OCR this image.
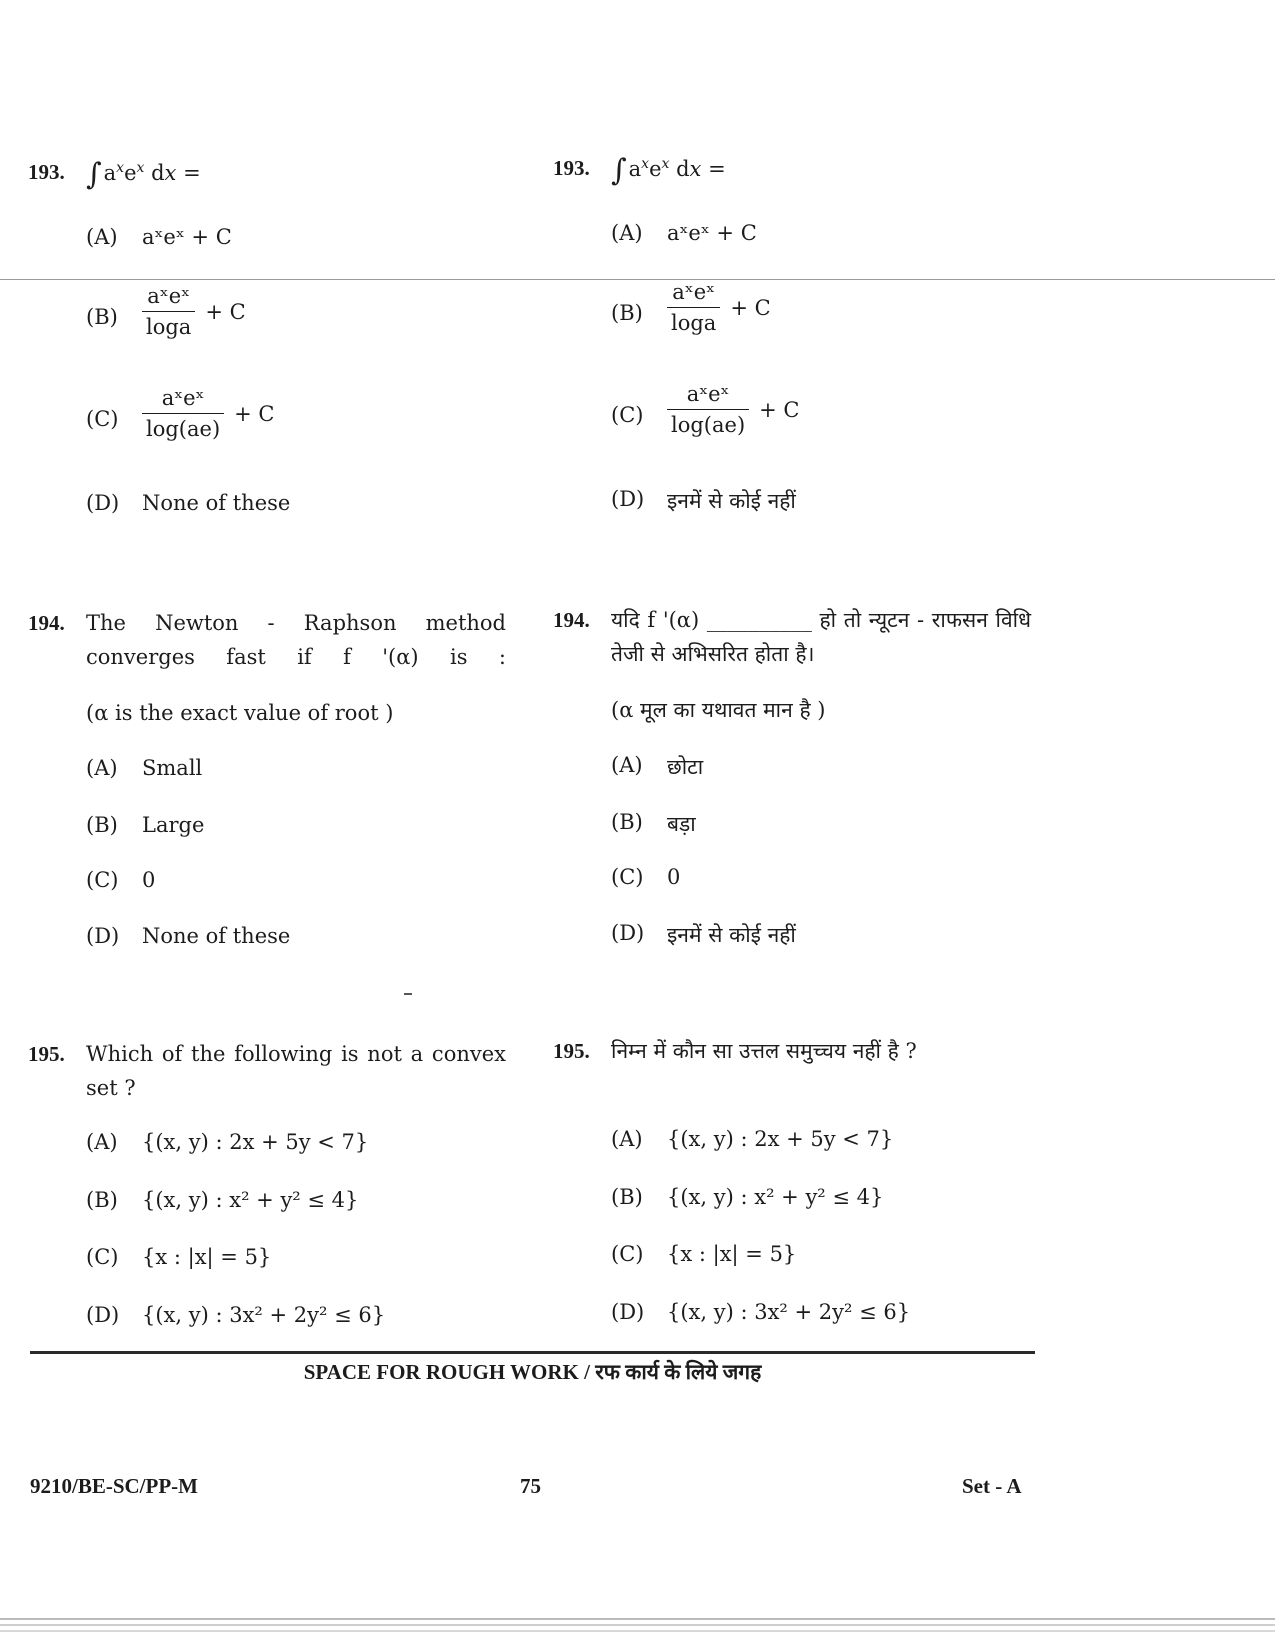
193. $\int a^xe^x$ dx =
(A) aˣeˣ + C
$(B) \frac{\text{aˣeˣ}}{\log a} + C$
$(C) \frac{\text{aˣeˣ}}{\log(ae)} + C$
(D) None of these
193. $\int a^xe^x$ dx =
(A) aˣeˣ + C
$(B) \frac{\text{aˣeˣ}}{\log a} + C$
$(C) \frac{\text{aˣeˣ}}{\log(ae)} + C$
(D) इनमें से कोई नहीं
194. The Newton - Raphson method converges fast if f '(α) is :
(α is the exact value of root )
(A) Small
(B) Large
(C) 0
(D) None of these
194. यदि f '(α) __________ हो तो न्यूटन - राफसन विधि तेजी से अभिसरित होता है।
(α मूल का यथावत मान है )
(A) छोटा
(B) बड़ा
(C) 0
(D) इनमें से कोई नहीं
195. Which of the following is not a convex set ?
(A) {(x, y) : 2x + 5y < 7}
(B) {(x, y) : x² + y² ≤ 4}
(C) {x : |x| = 5}
(D) {(x, y) : 3x² + 2y² ≤ 6}
195. निम्न में कौन सा उत्तल समुच्चय नहीं है ?
(A) {(x, y) : 2x + 5y < 7}
(B) {(x, y) : x² + y² ≤ 4}
(C) {x : |x| = 5}
(D) {(x, y) : 3x² + 2y² ≤ 6}
SPACE FOR ROUGH WORK / रफ कार्य के लिये जगह
9210/BE-SC/PP-M	75	Set - A
